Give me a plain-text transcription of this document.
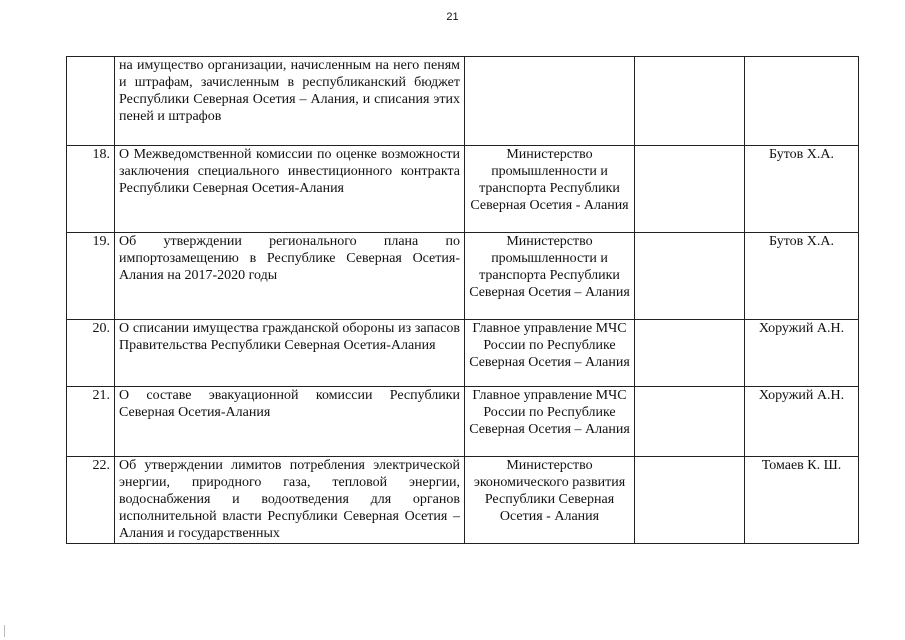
21
	на имущество организации, начисленным на него пеням и штрафам, зачисленным в республиканский бюджет Республики Северная Осетия – Алания, и списания этих пеней и штрафов			
18.	О Межведомственной комиссии по оценке возможности заключения специального инвестиционного контракта Республики Северная Осетия-Алания	Министерство промышленности и транспорта Республики Северная Осетия - Алания		Бутов Х.А.
19.	Об утверждении регионального плана по импортозамещению в Республике Северная Осетия-Алания на 2017-2020 годы	Министерство промышленности и транспорта Республики Северная Осетия – Алания		Бутов Х.А.
20.	О списании имущества гражданской обороны из запасов Правительства Республики Северная Осетия-Алания	Главное управление МЧС России по Республике Северная Осетия – Алания		Хоружий А.Н.
21.	О составе эвакуационной комиссии Республики Северная Осетия-Алания	Главное управление МЧС России по Республике Северная Осетия – Алания		Хоружий А.Н.
22.	Об утверждении лимитов потребления электрической энергии, природного газа, тепловой энергии, водоснабжения и водоотведения для органов исполнительной власти Республики Северная Осетия – Алания и государственных	Министерство экономического развития Республики Северная Осетия - Алания		Томаев К. Ш.
